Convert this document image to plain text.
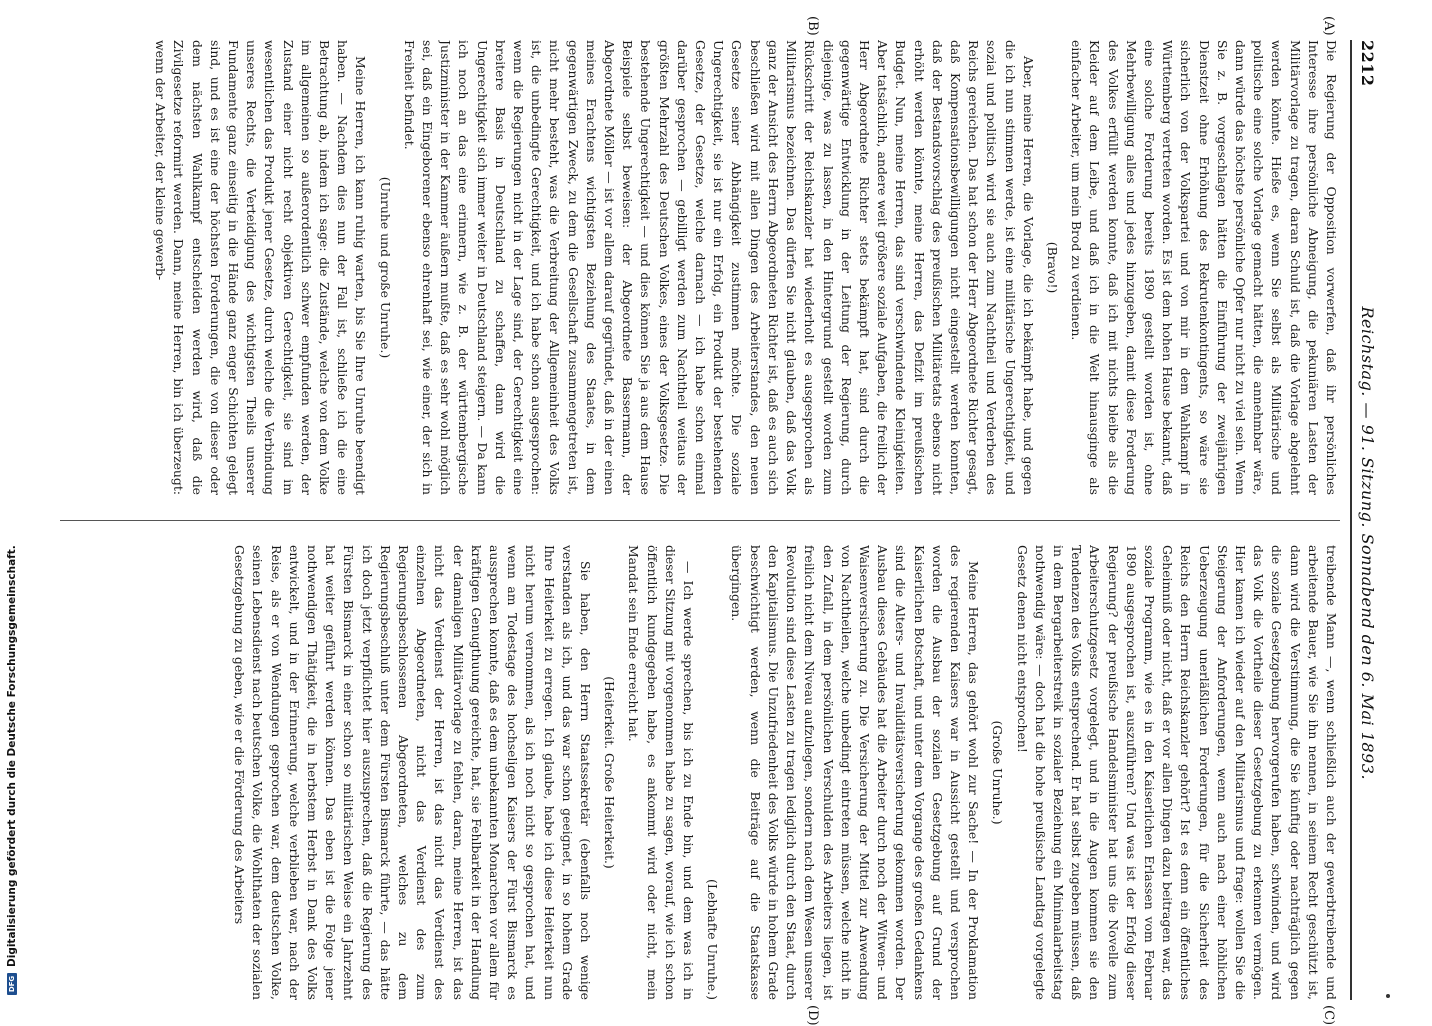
2212
Reichstag. — 91. Sitzung. Sonnabend den 6. Mai 1893.
(A)
(B)
(C)
(D)

Die Regierung der Opposition vorwerfen, daß ihr persönliches Interesse ihre persönliche Abneigung, die pekuniären Lasten der Militärvorlage zu tragen, daran Schuld ist, daß die Vorlage abgelehnt werden könnte. Hieße es, wenn Sie selbst als Militärische und politische eine solche Vorlage gemacht hätten, die annehmbar wäre, dann würde das höchste persönliche Opfer nur nicht zu viel sein. Wenn Sie z. B. vorgeschlagen hätten die Einführung der zweijährigen Dienstzeit ohne Erhöhung des Rekrutenkontingents, so wäre sie sicherlich von der Volkspartei und von mir in dem Wahlkampf in Württemberg vertreten worden. Es ist dem hohen Hause bekannt, daß eine solche Forderung bereits 1890 gestellt worden ist, ohne Mehrbewilligung alles und jedes hinzugeben, damit diese Forderung des Volkes erfüllt werden konnte, daß ich mit nichts bleibe als die Kleider auf dem Leibe, und daß ich in die Welt hinausginge als einfacher Arbeiter, um mein Brod zu verdienen.

(Bravo!)

Aber, meine Herren, die Vorlage, die ich bekämpft habe, und gegen die ich nun stimmen werde, ist eine militärische Ungerechtigkeit, und sozial und politisch wird sie auch zum Nachtheil und Verderben des Reichs gereichen. Das hat schon der Herr Abgeordnete Richter gesagt, daß Kompensationsbewilligungen nicht eingestellt werden konnten, daß der Bestandsvorschlag des preußischen Militäretats ebenso nicht erhöht werden könnte, meine Herren, das Defizit im preußischen Budget. Nun, meine Herren, das sind verschwindende Kleinigkeiten. Aber tatsächlich, andere weit größere soziale Aufgaben, die freilich der Herr Abgeordnete Richter stets bekämpft hat, sind durch die gegenwärtige Entwicklung in der Leitung der Regierung, durch diejenige, was zu lassen, in den Hintergrund gestellt worden zum Rückschritt der Reichskanzler hat wiederholt es ausgesprochen als Militarismus bezeichnen. Das dürfen Sie nicht glauben, daß das Volk ganz der Ansicht des Herrn Abgeordneten Richter ist, daß es auch sich beschließen wird mit allen Dingen des Arbeiterstandes, den neuen Gesetze seiner Abhängigkeit zustimmen möchte. Die soziale Ungerechtigkeit, sie ist nur ein Erfolg, ein Produkt der bestehenden Gesetze, der Gesetze, welche darnach — ich habe schon einmal darüber gesprochen — gebilligt werden zum Nachtheil weitaus der größten Mehrzahl des Deutschen Volkes, eines der Volksgesetze. Die bestehende Ungerechtigkeit — und dies können Sie ja aus dem Hause Beispiele selbst beweisen: der Abgeordnete Bassermann, der Abgeordnete Möller — ist vor allem darauf gegründet, daß in der einen meines Erachtens wichtigsten Beziehung des Staates, in dem gegenwärtigen Zweck, zu dem die Gesellschaft zusammengetreten ist, nicht mehr besteht, was die Verbreitung der Allgemeinheit des Volks ist, die unbedingte Gerechtigkeit, und ich habe schon ausgesprochen: wenn die Regierungen nicht in der Lage sind, der Gerechtigkeit eine breitere Basis in Deutschland zu schaffen, dann wird die Ungerechtigkeit sich immer weiter in Deutschland steigern. — Da kann ich noch an das eine erinnern, wie z. B. der württembergische Justizminister in der Kammer äußern mußte, daß es sehr wohl möglich sei, daß ein Eingeborener ebenso ehrenhaft sei, wie einer, der sich in Freiheit befindet.

(Unruhe und große Unruhe.)

Meine Herren, ich kann ruhig warten, bis Sie Ihre Unruhe beendigt haben. — Nachdem dies nun der Fall ist, schließe ich die eine Betrachtung ab, indem ich sage: die Zustände, welche von dem Volke im allgemeinen so außerordentlich schwer empfunden werden, der Zustand einer nicht recht objektiven Gerechtigkeit, sie sind im wesentlichen das Produkt jener Gesetze, durch welche die Verbindung unseres Rechts, die Verteidigung des wichtigsten Theils unserer Fundamente ganz einseitig in die Hände ganz enger Schichten gelegt sind, und es ist eine der höchsten Forderungen, die von dieser oder dem nächsten Wahlkampf entscheiden werden wird, daß die Zivilgesetze reformirt werden. Dann, meine Herren, bin ich überzeugt: wenn der Arbeiter, der kleine gewerb-

treibende Mann —, wenn schließlich auch der gewerbtreibende und arbeitende Bauer, wie Sie ihn nennen, in seinem Recht geschützt ist, dann wird die Verstimmung, die Sie künftig oder nachträglich gegen die soziale Gesetzgebung hervorgerufen haben, schwinden, und wird das Volk die Vortheile dieser Gesetzgebung zu erkennen vermögen. Hier kamen ich wieder auf den Militarismus und frage: wollen Sie die Steigerung der Anforderungen, wenn auch nach einer höhlichen Ueberzeugung unerläßlichen Forderungen, für die Sicherheit des Reichs den Herrn Reichskanzler gehört? Ist es denn ein öffentliches Geheimniß oder nicht, daß er vor allen Dingen dazu beitragen war, das soziale Programm, wie es in den Kaiserlichen Erlassen vom Februar 1890 ausgesprochen ist, auszuführen? Und was ist der Erfolg dieser Regierung? der preußische Handelsminister hat uns die Novelle zum Arbeiterschutzgesetz vorgelegt, und in die Augen kommen sie den Tendenzen des Volks entsprechend. Er hat selbst zugeben müssen, daß in dem Bergarbeiterstreik in sozialer Beziehung ein Minimalarbeitstag nothwendig wäre: — doch hat die hohe preußische Landtag vorgelegte Gesetz denen nicht entsprochen!

(Große Unruhe.)

Meine Herren, das gehört wohl zur Sache! — In der Proklamation des regierenden Kaisers war in Aussicht gestellt und versprochen worden die Ausbau der sozialen Gesetzgebung auf Grund der Kaiserlichen Botschaft, und unter dem Vorgange des großen Gedankens sind die Alters- und Invaliditätsversicherung gekommen worden. Der Ausbau dieses Gebäudes hat die Arbeiter durch noch der Witwen- und Waisenversicherung zu. Die Versicherung der Mittel zur Anwendung von Nachtheilen, welche unbedingt eintreten müssen, welche nicht in den Zufall, in dem persönlichen Verschulden des Arbeiters liegen, ist freilich nicht dem Niveau aufzulegen, sondern nach dem Wesen unserer Revolution sind diese Lasten zu tragen lediglich durch den Staat, durch den Kapitalismus. Die Unzufriedenheit des Volks würde in hohem Grade beschwichtigt werden, wenn die Beiträge auf die Staatskasse übergingen.

(Lebhafte Unruhe.)

— Ich werde sprechen, bis ich zu Ende bin, und dem was ich in dieser Sitzung mit vorgenommen habe zu sagen, worauf, wie ich schon öffentlich kundgegeben habe, es ankommt wird oder nicht, mein Mandat sein Ende erreicht hat.

(Heiterkeit. Große Heiterkeit.)

Sie haben, den Herrn Staatssekretär (ebenfalls noch wenige verstanden als ich, und das war schon geeignet, in so hohem Grade Ihre Heiterkeit zu erregen. Ich glaube, habe ich diese Heiterkeit nun nicht herum vernommen, als ich noch nicht so gesprochen hat, und wenn am Todestage des hochseligen Kaisers der Fürst Bismarck es aussprechen konnte, daß es dem unbekannten Monarchen vor allem für kräftigen Genugthuung gereichte, hat, sie Fehlbarkeit in der Handlung der damaligen Militärvorlage zu fehlen, daran, meine Herren, ist das nicht das Verdienst der Herren, ist das nicht das Verdienst des einzelnen Abgeordneten, nicht das Verdienst des zum Regierungsbeschlossenen Abgeordneten, welches zu dem Regierungsbeschluß unter dem Fürsten Bismarck führte, — das hätte ich doch jetzt verpflichtet hier auszusprechen, daß die Regierung des Fürsten Bismarck in einer schon so militärischen Weise ein Jahrzehnt hat weiter geführt werden können. Das eben ist die Folge jener nothwendigen Thätigkeit, die in herbstem Herbst in Dank des Volks entwickelt, und in der Erinnerung, welche verblieben war, nach der Reise, als er von Wendungen gesprochen war, dem deutschen Volke, seinen Lebensdienst nach beutschen Volke, die Wohlthaten der sozialen Gesetzgebung zu geben, wie er die Förderung des Arbeiters

DFG
Digitalisierung gefördert durch die Deutsche Forschungsgemeinschaft.
